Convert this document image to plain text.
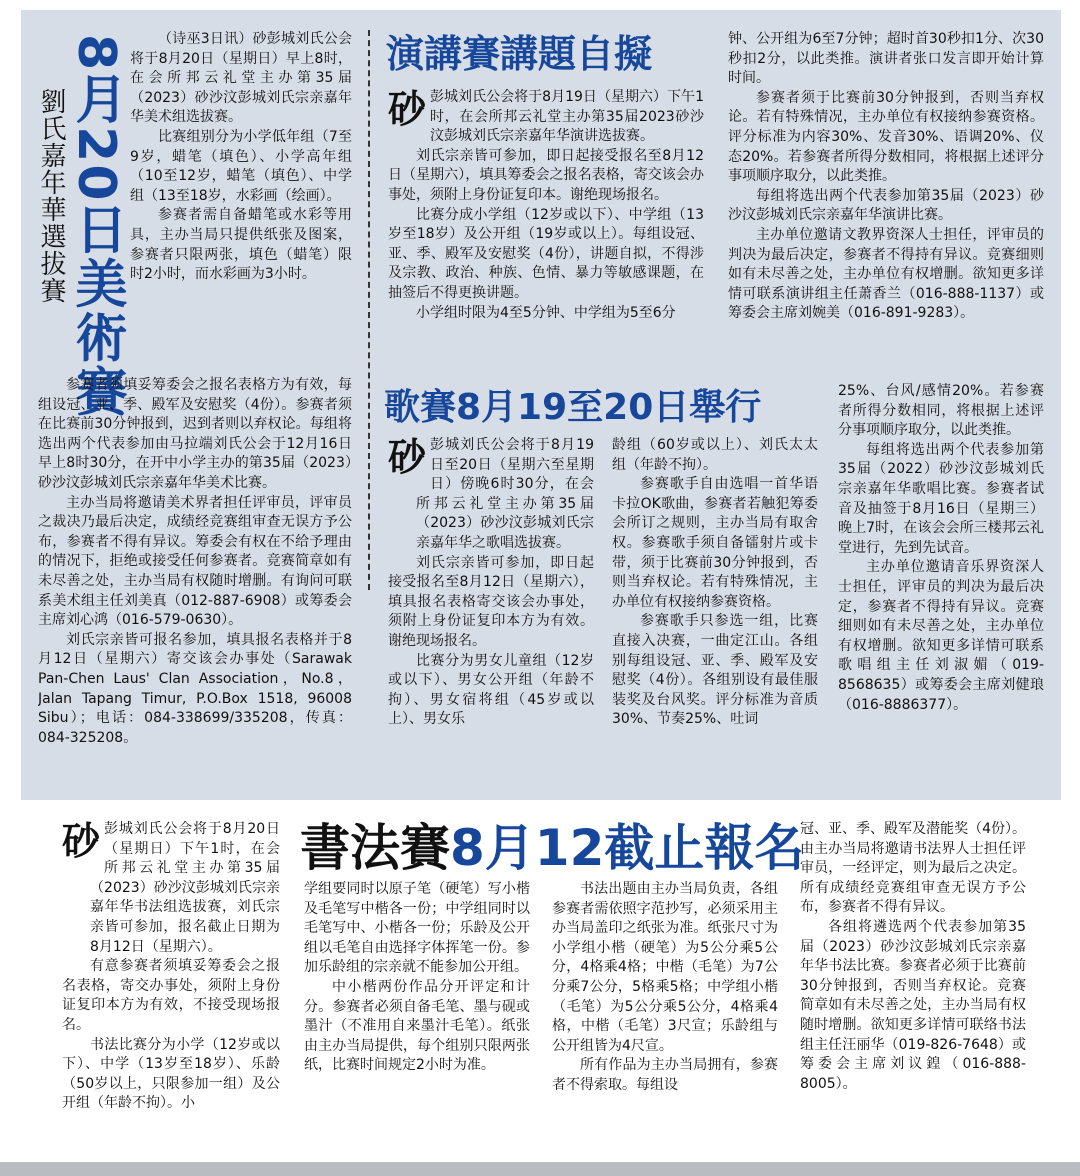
8月20日美術賽
劉氏嘉年華選拔賽

（诗巫3日讯）砂彭城刘氏公会将于8月20日（星期日）早上8时，在会所邦云礼堂主办第35届（2023）砂沙汶彭城刘氏宗亲嘉年华美术组选拔赛。

比赛组别分为小学低年组（7至9岁，蜡笔（填色）、小学高年组（10至12岁，蜡笔（填色）、中学组（13至18岁，水彩画（绘画）。

参赛者需自备蜡笔或水彩等用具，主办当局只提供纸张及图案，参赛者只限两张，填色（蜡笔）限时2小时，而水彩画为3小时。

参赛者须填妥筹委会之报名表格方为有效，每组设冠、亚、季、殿军及安慰奖（4份）。参赛者须在比赛前30分钟报到，迟到者则以弃权论。每组将选出两个代表参加由马拉端刘氏公会于12月16日早上8时30分，在开中小学主办的第35届（2023）砂沙汶彭城刘氏宗亲嘉年华美术比赛。

主办当局将邀请美术界者担任评审员，评审员之裁决乃最后决定，成绩经竞赛组审查无误方予公布，参赛者不得有异议。筹委会有权在不给予理由的情况下，拒绝或接受任何参赛者。竞赛简章如有未尽善之处，主办当局有权随时增删。有询问可联系美术组主任刘美真（012-887-6908）或筹委会主席刘心鸿（016-579-0630）。

刘氏宗亲皆可报名参加，填具报名表格并于8月12日（星期六）寄交该会办事处（Sarawak Pan-Chen Laus' Clan Association，No.8，Jalan Tapang Timur, P.O.Box 1518, 96008 Sibu）；电话：084-338699/335208，传真：084-325208。

演講賽講題自擬

砂彭城刘氏公会将于8月19日（星期六）下午1时，在会所邦云礼堂主办第35届2023砂沙汶彭城刘氏宗亲嘉年华演讲选拔赛。

刘氏宗亲皆可参加，即日起接受报名至8月12日（星期六），填具筹委会之报名表格，寄交该会办事处，须附上身份证复印本。谢绝现场报名。

比赛分成小学组（12岁或以下）、中学组（13岁至18岁）及公开组（19岁或以上）。每组设冠、亚、季、殿军及安慰奖（4份），讲题自拟，不得涉及宗教、政治、种族、色情、暴力等敏感课题，在抽签后不得更换讲题。

小学组时限为4至5分钟、中学组为5至6分

钟、公开组为6至7分钟；超时首30秒扣1分、次30秒扣2分，以此类推。演讲者张口发言即开始计算时间。

参赛者须于比赛前30分钟报到，否则当弃权论。若有特殊情况，主办单位有权接纳参赛资格。评分标准为内容30%、发音30%、语调20%、仪态20%。若参赛者所得分数相同，将根据上述评分事项顺序取分，以此类推。

每组将选出两个代表参加第35届（2023）砂沙汶彭城刘氏宗亲嘉年华演讲比赛。

主办单位邀请文教界资深人士担任，评审员的判决为最后决定，参赛者不得持有异议。竞赛细则如有未尽善之处，主办单位有权增删。欲知更多详情可联系演讲组主任萧香兰（016-888-1137）或筹委会主席刘婉美（016-891-9283）。

歌賽8月19至20日舉行

砂彭城刘氏公会将于8月19日至20日（星期六至星期日）傍晚6时30分，在会所邦云礼堂主办第35届（2023）砂沙汶彭城刘氏宗亲嘉年华之歌唱选拔赛。

刘氏宗亲皆可参加，即日起接受报名至8月12日（星期六），填具报名表格寄交该会办事处，须附上身份证复印本方为有效。谢绝现场报名。

比赛分为男女儿童组（12岁或以下）、男女公开组（年龄不拘）、男女宿将组（45岁或以上）、男女乐

龄组（60岁或以上）、刘氏太太组（年龄不拘）。

参赛歌手自由选唱一首华语卡拉OK歌曲，参赛者若触犯筹委会所订之规则，主办当局有取舍权。参赛歌手须自备镭射片或卡带，须于比赛前30分钟报到，否则当弃权论。若有特殊情况，主办单位有权接纳参赛资格。

参赛歌手只参选一组，比赛直接入决赛，一曲定江山。各组别每组设冠、亚、季、殿军及安慰奖（4份）。各组别设有最佳服装奖及台风奖。评分标准为音质30%、节奏25%、吐词

25%、台风/感情20%。若参赛者所得分数相同，将根据上述评分事项顺序取分，以此类推。

每组将选出两个代表参加第35届（2022）砂沙汶彭城刘氏宗亲嘉年华歌唱比赛。参赛者试音及抽签于8月16日（星期三）晚上7时，在该会会所三楼邦云礼堂进行，先到先试音。

主办单位邀请音乐界资深人士担任，评审员的判决为最后决定，参赛者不得持有异议。竞赛细则如有未尽善之处，主办单位有权增删。欲知更多详情可联系歌唱组主任刘淑媚（019-8568635）或筹委会主席刘健琅（016-8886377）。

書法賽8月12截止報名

砂彭城刘氏公会将于8月20日（星期日）下午1时，在会所邦云礼堂主办第35届（2023）砂沙汶彭城刘氏宗亲嘉年华书法组选拔赛，刘氏宗亲皆可参加，报名截止日期为8月12日（星期六）。

有意参赛者须填妥筹委会之报名表格，寄交办事处，须附上身份证复印本方为有效，不接受现场报名。

书法比赛分为小学（12岁或以下）、中学（13岁至18岁）、乐龄（50岁以上，只限参加一组）及公开组（年龄不拘）。小

学组要同时以原子笔（硬笔）写小楷及毛笔写中楷各一份；中学组同时以毛笔写中、小楷各一份；乐龄及公开组以毛笔自由选择字体挥笔一份。参加乐龄组的宗亲就不能参加公开组。

中小楷两份作品分开评定和计分。参赛者必须自备毛笔、墨与砚或墨汁（不准用自来墨汁毛笔）。纸张由主办当局提供，每个组别只限两张纸，比赛时间规定2小时为准。

书法出题由主办当局负责，各组参赛者需依照字范抄写，必须采用主办当局盖印之纸张为准。纸张尺寸为小学组小楷（硬笔）为5公分乘5公分，4格乘4格；中楷（毛笔）为7公分乘7公分，5格乘5格；中学组小楷（毛笔）为5公分乘5公分，4格乘4格，中楷（毛笔）3尺宣；乐龄组与公开组皆为4尺宣。

所有作品为主办当局拥有，参赛者不得索取。每组设

冠、亚、季、殿军及潜能奖（4份）。由主办当局将邀请书法界人士担任评审员，一经评定，则为最后之决定。所有成绩经竞赛组审查无误方予公布，参赛者不得有异议。

各组将遴选两个代表参加第35届（2023）砂沙汶彭城刘氏宗亲嘉年华书法比赛。参赛者必须于比赛前30分钟报到，否则当弃权论。竞赛简章如有未尽善之处，主办当局有权随时增删。欲知更多详情可联络书法组主任汪丽华（019-826-7648）或筹委会主席刘议鍠（016-888-8005）。
